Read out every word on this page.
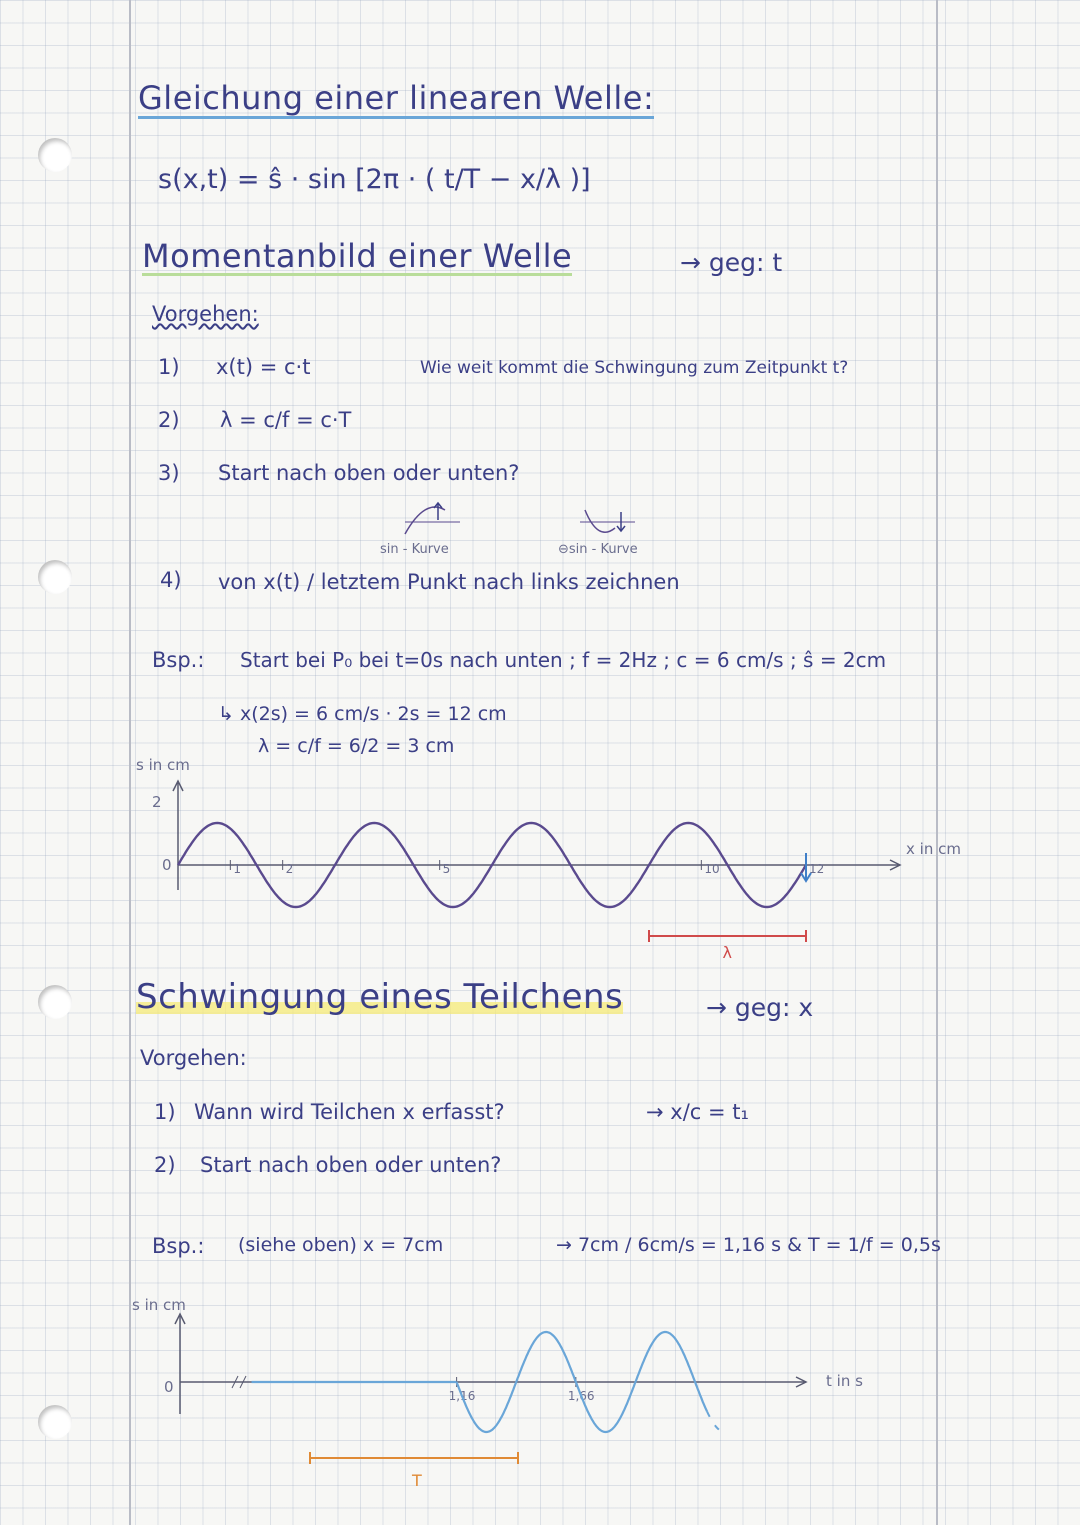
Gleichung einer linearen Welle:
s(x,t) = ŝ · sin [2π · ( t/T − x/λ )]
Momentanbild einer Welle	→ geg: t
Vorgehen:
1) x(t) = c·t	Wie weit kommt die Schwingung zum Zeitpunkt t?
2) λ = c/f = c·T
3) Start nach oben oder unten?
sin - Kurve	⊖sin - Kurve
4) von x(t) / letztem Punkt nach links zeichnen
Bsp.: Start bei P₀ bei t=0s nach unten ; f = 2Hz ; c = 6 cm/s ; ŝ = 2cm
↳ x(2s) = 6 cm/s · 2s = 12 cm
λ = c/f = 6/2 = 3 cm
s in cm
2
0
x in cm
1	2	5	10	12
λ
Schwingung eines Teilchens	→ geg: x
Vorgehen:
1) Wann wird Teilchen x erfasst?	→ x/c = t₁
2) Start nach oben oder unten?
Bsp.: (siehe oben) x = 7cm	→ 7cm / 6cm/s = 1,16 s & T = 1/f = 0,5s
s in cm
0	t in s
1,16	1,66
T
